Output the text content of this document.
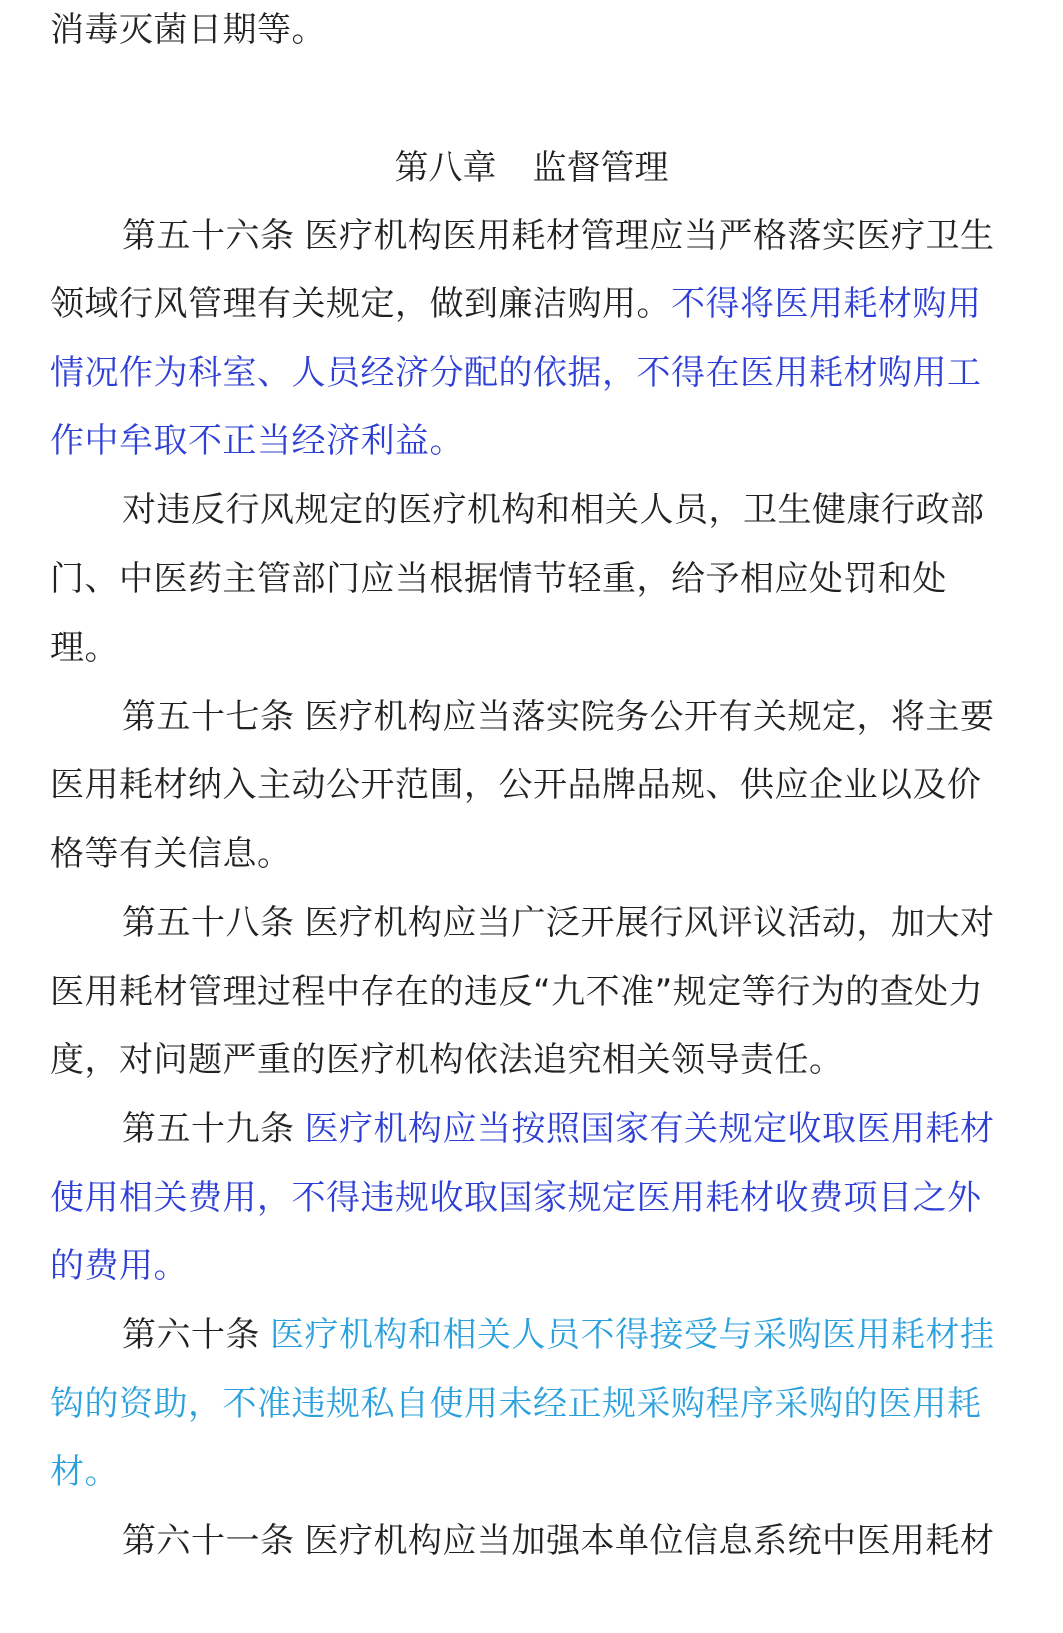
消毒灭菌日期等。
第八章 监督管理
第五十六条 医疗机构医用耗材管理应当严格落实医疗卫生
领域行风管理有关规定，做到廉洁购用。不得将医用耗材购用
情况作为科室、人员经济分配的依据，不得在医用耗材购用工
作中牟取不正当经济利益。
对违反行风规定的医疗机构和相关人员，卫生健康行政部
门、中医药主管部门应当根据情节轻重，给予相应处罚和处
理。
第五十七条 医疗机构应当落实院务公开有关规定，将主要
医用耗材纳入主动公开范围，公开品牌品规、供应企业以及价
格等有关信息。
第五十八条 医疗机构应当广泛开展行风评议活动，加大对
医用耗材管理过程中存在的违反“九不准”规定等行为的查处力
度，对问题严重的医疗机构依法追究相关领导责任。
第五十九条 医疗机构应当按照国家有关规定收取医用耗材
使用相关费用，不得违规收取国家规定医用耗材收费项目之外
的费用。
第六十条 医疗机构和相关人员不得接受与采购医用耗材挂
钩的资助，不准违规私自使用未经正规采购程序采购的医用耗
材。
第六十一条 医疗机构应当加强本单位信息系统中医用耗材
